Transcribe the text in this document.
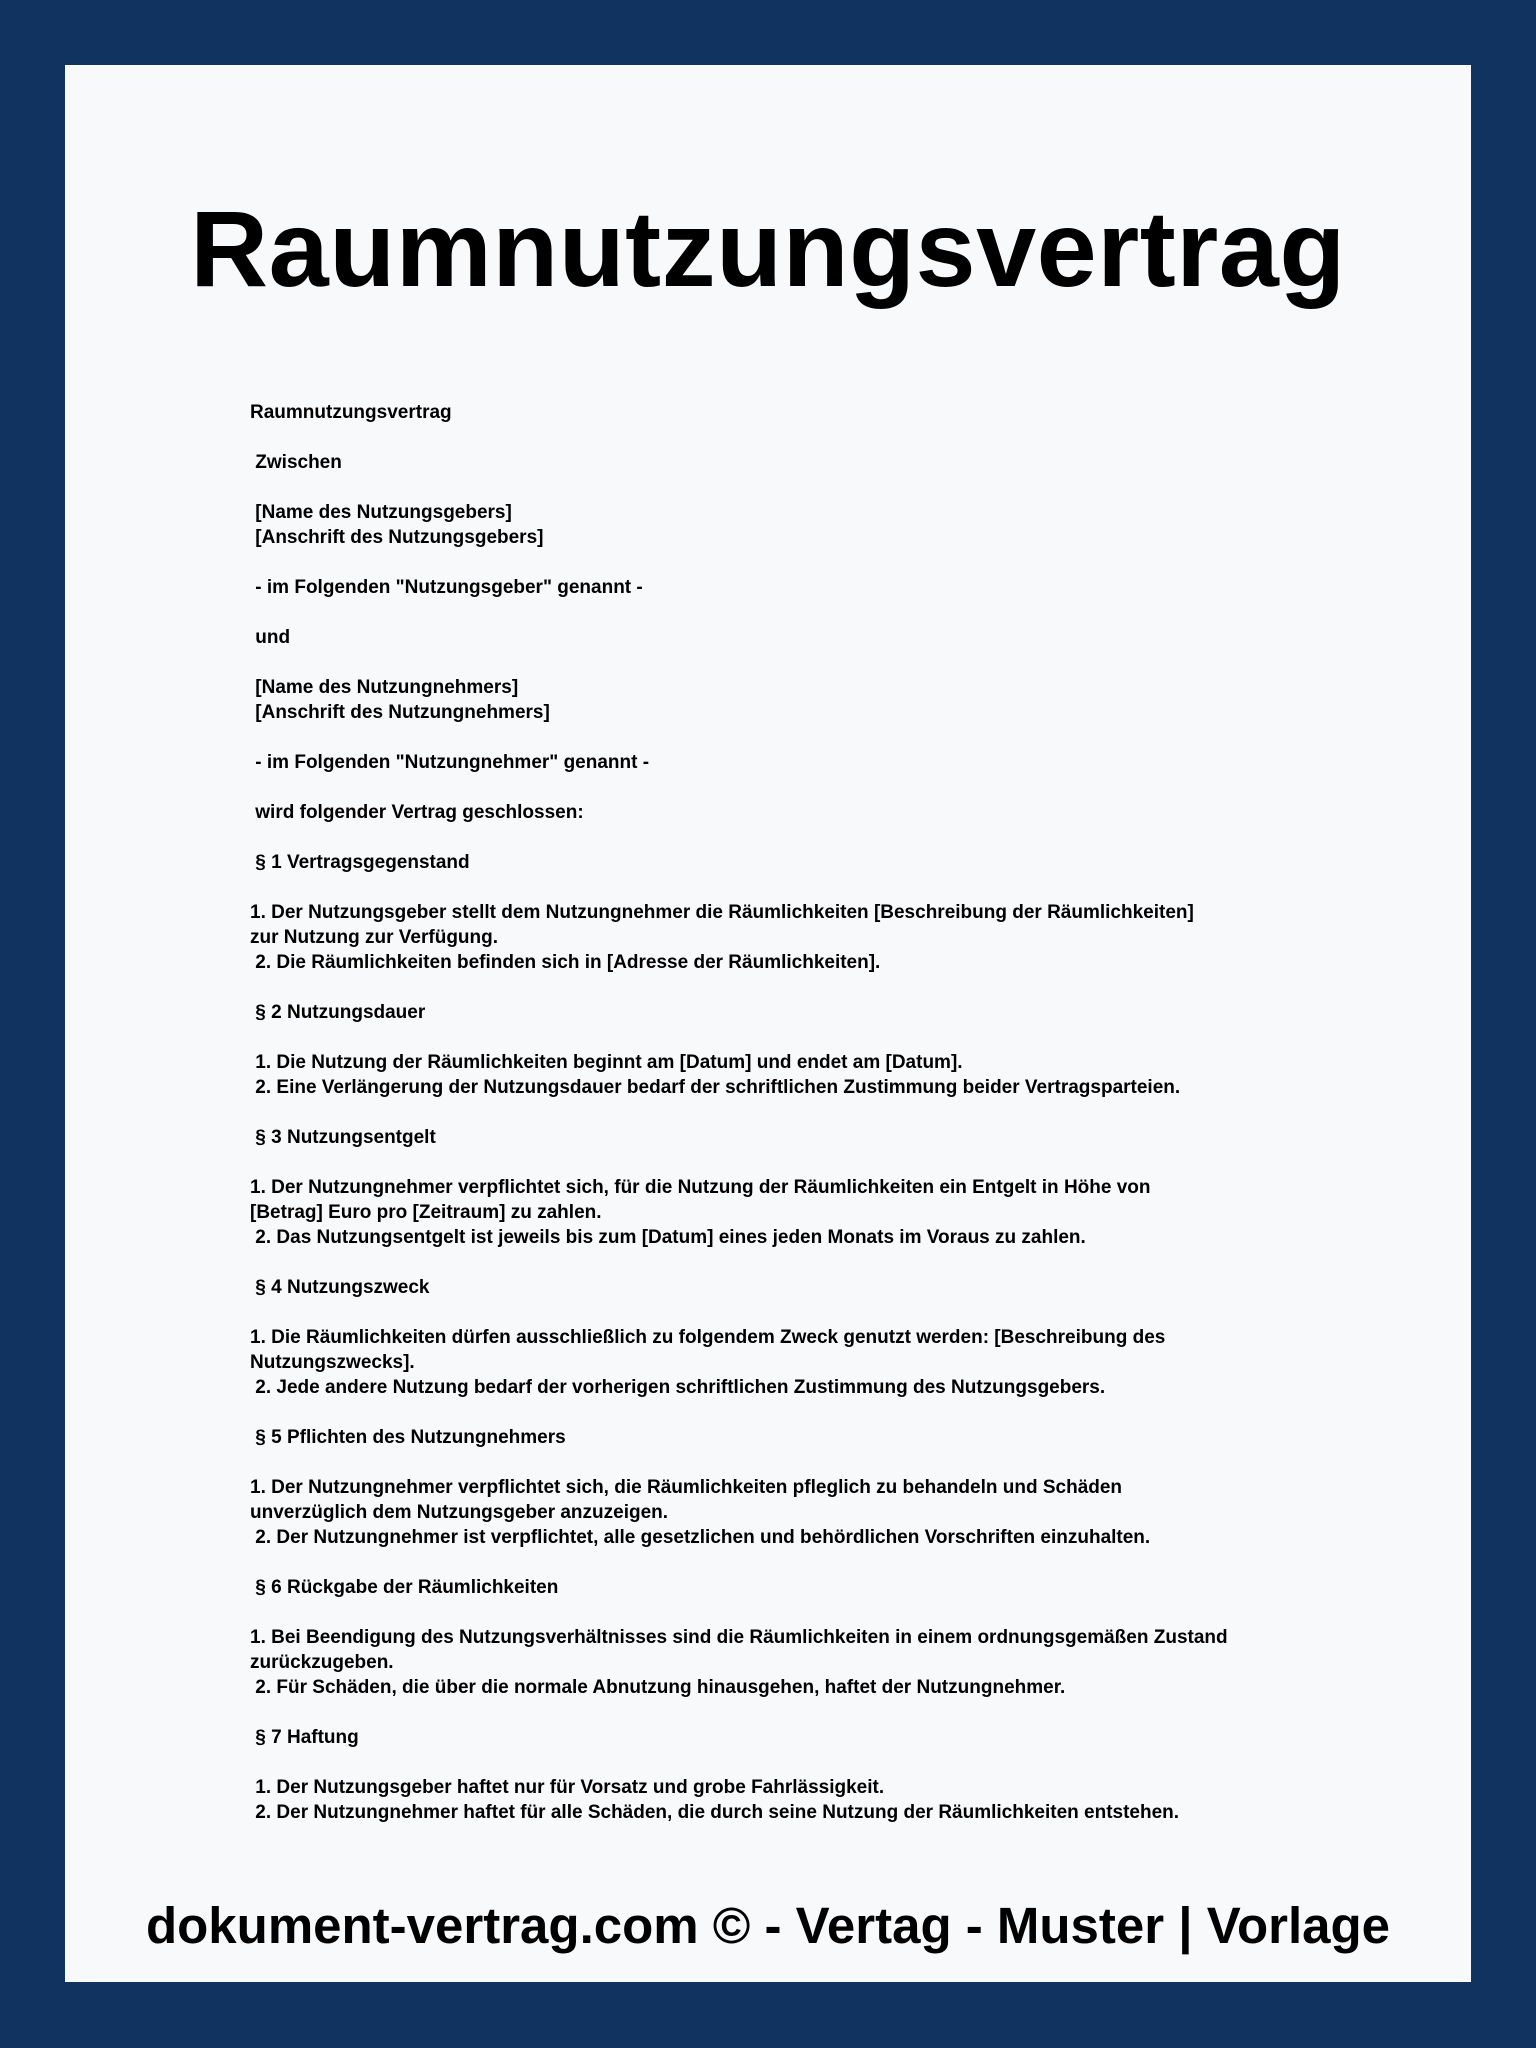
Raumnutzungsvertrag
Raumnutzungsvertrag
Zwischen
[Name des Nutzungsgebers]
[Anschrift des Nutzungsgebers]
- im Folgenden "Nutzungsgeber" genannt -
und
[Name des Nutzungnehmers]
[Anschrift des Nutzungnehmers]
- im Folgenden "Nutzungnehmer" genannt -
wird folgender Vertrag geschlossen:
§ 1 Vertragsgegenstand
1. Der Nutzungsgeber stellt dem Nutzungnehmer die Räumlichkeiten [Beschreibung der Räumlichkeiten]
zur Nutzung zur Verfügung.
2. Die Räumlichkeiten befinden sich in [Adresse der Räumlichkeiten].
§ 2 Nutzungsdauer
1. Die Nutzung der Räumlichkeiten beginnt am [Datum] und endet am [Datum].
2. Eine Verlängerung der Nutzungsdauer bedarf der schriftlichen Zustimmung beider Vertragsparteien.
§ 3 Nutzungsentgelt
1. Der Nutzungnehmer verpflichtet sich, für die Nutzung der Räumlichkeiten ein Entgelt in Höhe von
[Betrag] Euro pro [Zeitraum] zu zahlen.
2. Das Nutzungsentgelt ist jeweils bis zum [Datum] eines jeden Monats im Voraus zu zahlen.
§ 4 Nutzungszweck
1. Die Räumlichkeiten dürfen ausschließlich zu folgendem Zweck genutzt werden: [Beschreibung des
Nutzungszwecks].
2. Jede andere Nutzung bedarf der vorherigen schriftlichen Zustimmung des Nutzungsgebers.
§ 5 Pflichten des Nutzungnehmers
1. Der Nutzungnehmer verpflichtet sich, die Räumlichkeiten pfleglich zu behandeln und Schäden
unverzüglich dem Nutzungsgeber anzuzeigen.
2. Der Nutzungnehmer ist verpflichtet, alle gesetzlichen und behördlichen Vorschriften einzuhalten.
§ 6 Rückgabe der Räumlichkeiten
1. Bei Beendigung des Nutzungsverhältnisses sind die Räumlichkeiten in einem ordnungsgemäßen Zustand
zurückzugeben.
2. Für Schäden, die über die normale Abnutzung hinausgehen, haftet der Nutzungnehmer.
§ 7 Haftung
1. Der Nutzungsgeber haftet nur für Vorsatz und grobe Fahrlässigkeit.
2. Der Nutzungnehmer haftet für alle Schäden, die durch seine Nutzung der Räumlichkeiten entstehen.
dokument-vertrag.com © - Vertag - Muster | Vorlage
